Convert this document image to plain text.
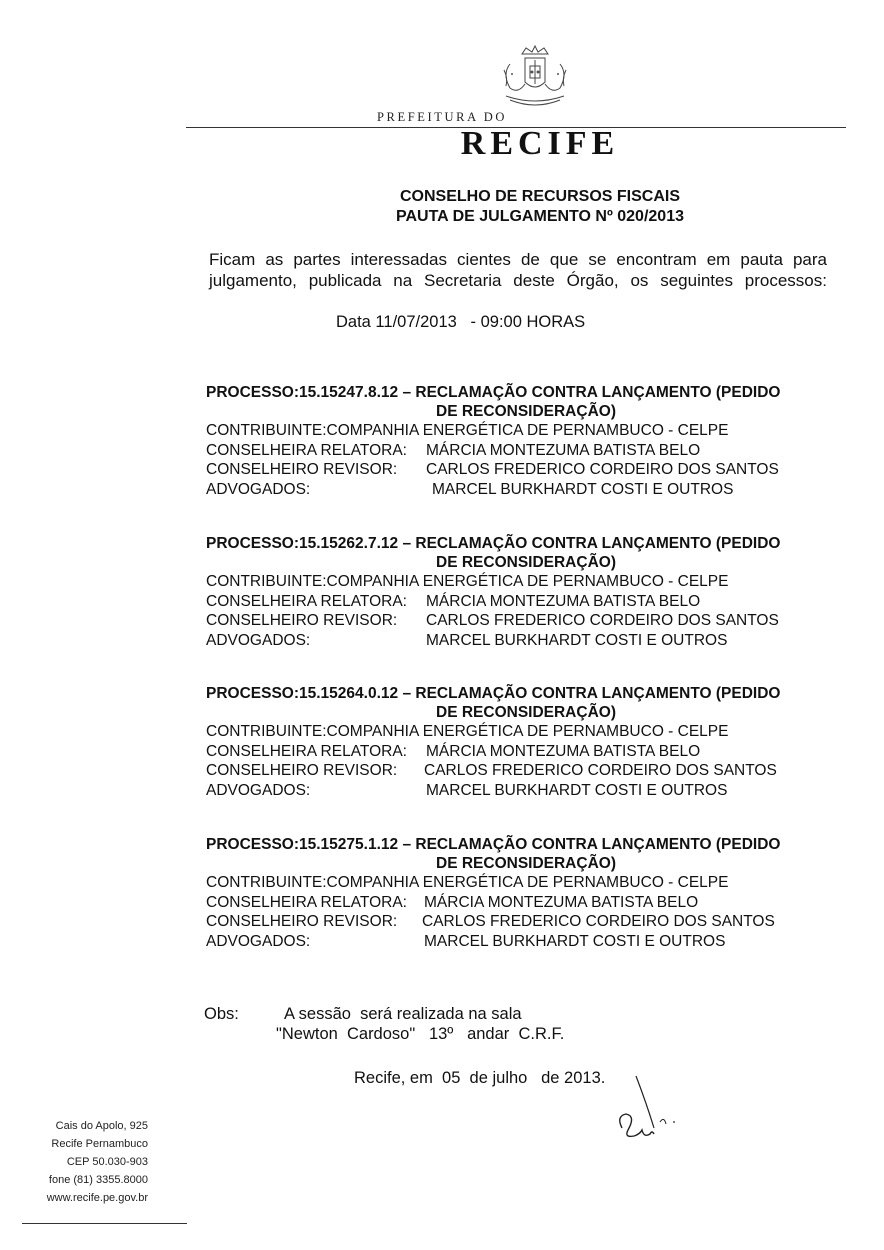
PREFEITURA DO
RECIFE
CONSELHO DE RECURSOS FISCAIS
PAUTA DE JULGAMENTO Nº 020/2013
Ficam as partes interessadas cientes de que se encontram em pauta para julgamento, publicada na Secretaria deste Órgão, os seguintes processos:
Data 11/07/2013   - 09:00 HORAS
PROCESSO:15.15247.8.12 – RECLAMAÇÃO CONTRA LANÇAMENTO (PEDIDO
DE RECONSIDERAÇÃO)
CONTRIBUINTE:COMPANHIA ENERGÉTICA DE PERNAMBUCO - CELPE
CONSELHEIRA RELATORA: MÁRCIA MONTEZUMA BATISTA BELO
CONSELHEIRO REVISOR: CARLOS FREDERICO CORDEIRO DOS SANTOS
ADVOGADOS:	MARCEL BURKHARDT COSTI E OUTROS
PROCESSO:15.15262.7.12 – RECLAMAÇÃO CONTRA LANÇAMENTO (PEDIDO
DE RECONSIDERAÇÃO)
CONTRIBUINTE:COMPANHIA ENERGÉTICA DE PERNAMBUCO - CELPE
CONSELHEIRA RELATORA: MÁRCIA MONTEZUMA BATISTA BELO
CONSELHEIRO REVISOR: CARLOS FREDERICO CORDEIRO DOS SANTOS
ADVOGADOS:	MARCEL BURKHARDT COSTI E OUTROS
PROCESSO:15.15264.0.12 – RECLAMAÇÃO CONTRA LANÇAMENTO (PEDIDO
DE RECONSIDERAÇÃO)
CONTRIBUINTE:COMPANHIA ENERGÉTICA DE PERNAMBUCO - CELPE
CONSELHEIRA RELATORA: MÁRCIA MONTEZUMA BATISTA BELO
CONSELHEIRO REVISOR: CARLOS FREDERICO CORDEIRO DOS SANTOS
ADVOGADOS:	MARCEL BURKHARDT COSTI E OUTROS
PROCESSO:15.15275.1.12 – RECLAMAÇÃO CONTRA LANÇAMENTO (PEDIDO
DE RECONSIDERAÇÃO)
CONTRIBUINTE:COMPANHIA ENERGÉTICA DE PERNAMBUCO - CELPE
CONSELHEIRA RELATORA: MÁRCIA MONTEZUMA BATISTA BELO
CONSELHEIRO REVISOR: CARLOS FREDERICO CORDEIRO DOS SANTOS
ADVOGADOS:	MARCEL BURKHARDT COSTI E OUTROS
Obs:	A sessão  será realizada na sala
"Newton  Cardoso"   13º   andar  C.R.F.
Recife, em  05  de julho   de 2013.
Cais do Apolo, 925
Recife Pernambuco
CEP 50.030-903
fone (81) 3355.8000
www.recife.pe.gov.br
